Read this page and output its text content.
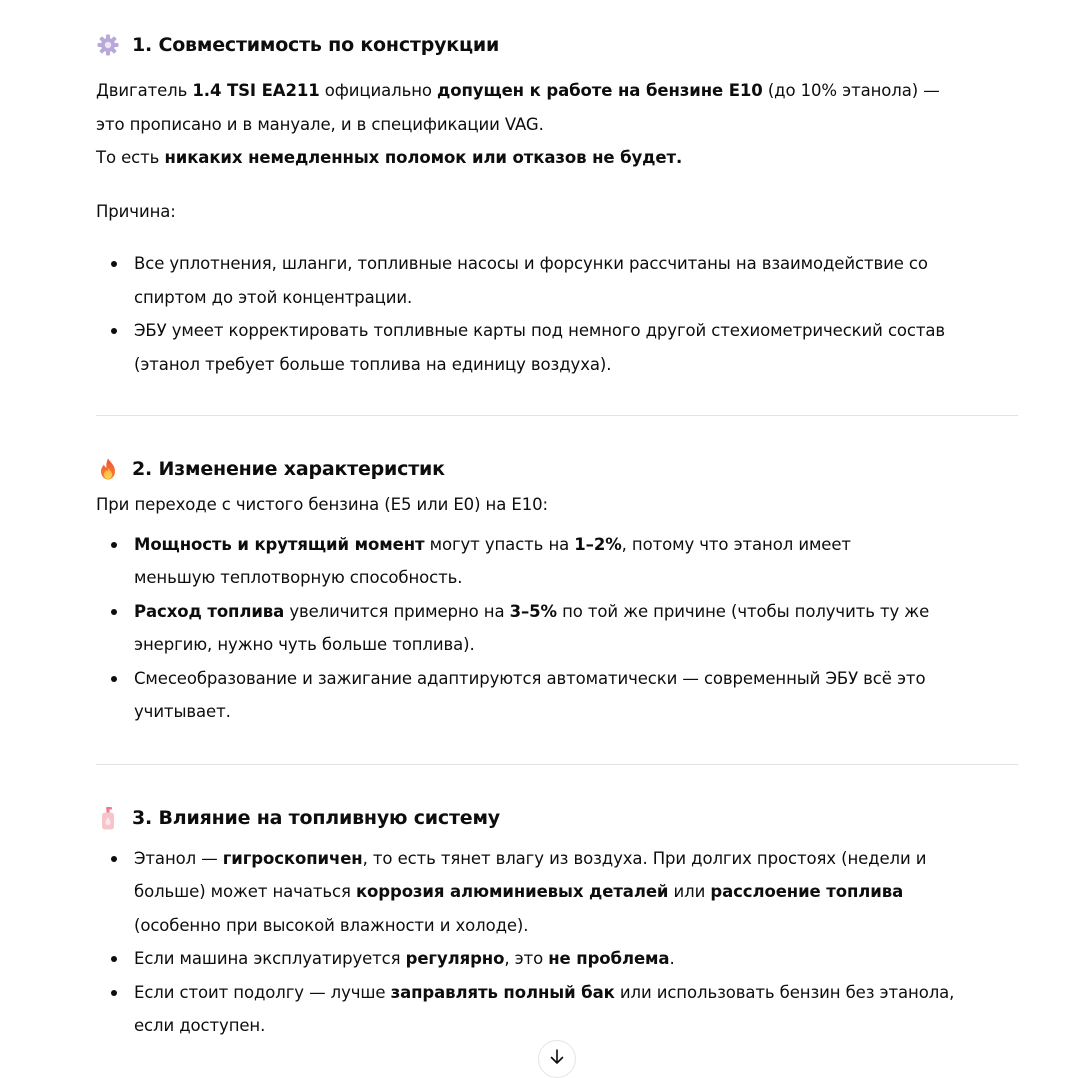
1. Совместимость по конструкции

Двигатель 1.4 TSI EA211 официально допущен к работе на бензине E10 (до 10% этанола) — это прописано и в мануале, и в спецификации VAG.

То есть никаких немедленных поломок или отказов не будет.

Причина:

Все уплотнения, шланги, топливные насосы и форсунки рассчитаны на взаимодействие со спиртом до этой концентрации.
ЭБУ умеет корректировать топливные карты под немного другой стехиометрический состав (этанол требует больше топлива на единицу воздуха).
2. Изменение характеристик

При переходе с чистого бензина (E5 или E0) на E10:

Мощность и крутящий момент могут упасть на 1–2%, потому что этанол имеет меньшую теплотворную способность.
Расход топлива увеличится примерно на 3–5% по той же причине (чтобы получить ту же энергию, нужно чуть больше топлива).
Смесеобразование и зажигание адаптируются автоматически — современный ЭБУ всё это учитывает.
3. Влияние на топливную систему
Этанол — гигроскопичен, то есть тянет влагу из воздуха. При долгих простоях (недели и больше) может начаться коррозия алюминиевых деталей или расслоение топлива (особенно при высокой влажности и холоде).
Если машина эксплуатируется регулярно, это не проблема.
Если стоит подолгу — лучше заправлять полный бак или использовать бензин без этанола, если доступен.
